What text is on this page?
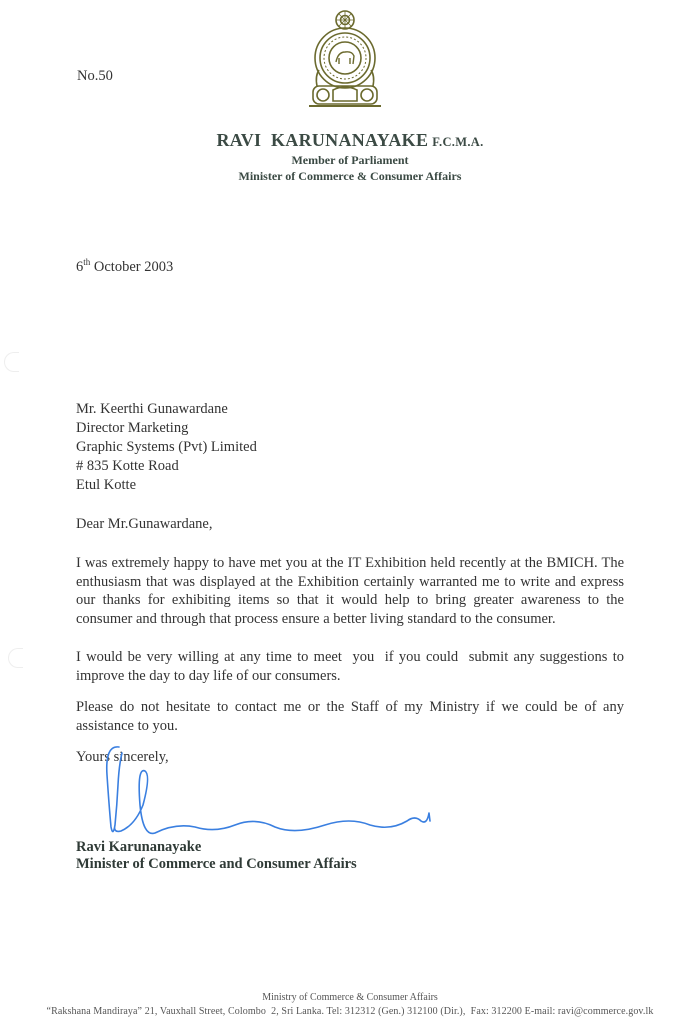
No.50
RAVI  KARUNANAYAKE F.C.M.A.
Member of Parliament
Minister of Commerce & Consumer Affairs
6th October 2003
Mr. Keerthi Gunawardane
Director Marketing
Graphic Systems (Pvt) Limited
# 835 Kotte Road
Etul Kotte
Dear Mr.Gunawardane,
I was extremely happy to have met you at the IT Exhibition held recently at the BMICH. The enthusiasm that was displayed at the Exhibition certainly warranted me to write and express our thanks for exhibiting items so that it would help to bring greater awareness to the consumer and through that process ensure a better living standard to the consumer.
I would be very willing at any time to meet  you  if you could  submit any suggestions to improve the day to day life of our consumers.
Please do not hesitate to contact me or the Staff of my Ministry if we could be of any assistance to you.
Yours sincerely,
Ravi Karunanayake
Minister of Commerce and Consumer Affairs
Ministry of Commerce & Consumer Affairs
“Rakshana Mandiraya” 21, Vauxhall Street, Colombo  2, Sri Lanka. Tel: 312312 (Gen.) 312100 (Dir.),  Fax: 312200 E-mail: ravi@commerce.gov.lk
